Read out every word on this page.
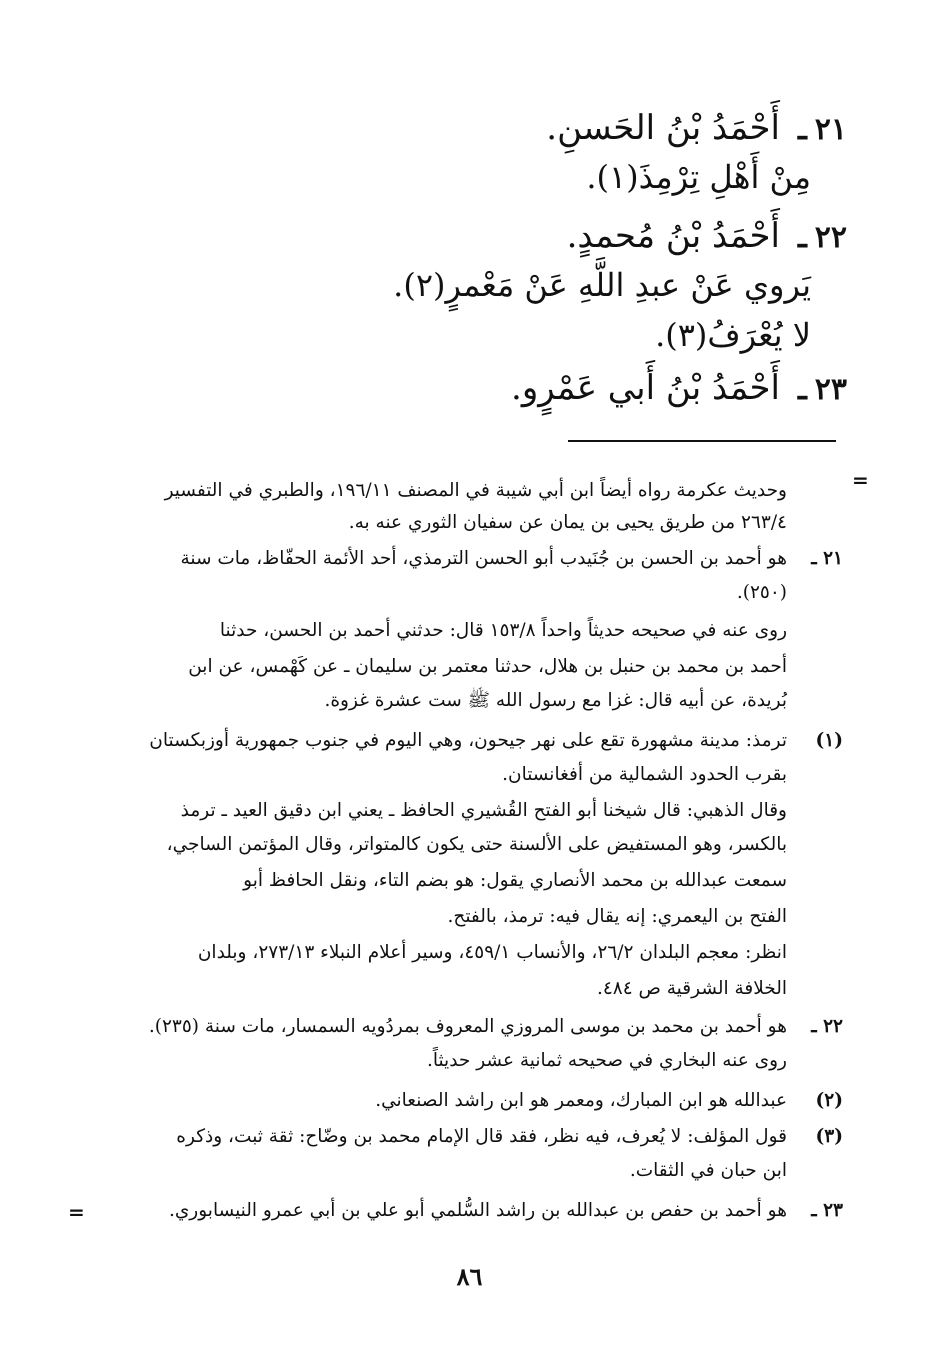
٢١ـأَحْمَدُ بْنُ الحَسنِ.
مِنْ أَهْلِ تِرْمِذَ(١).
٢٢ـأَحْمَدُ بْنُ مُحمدٍ.
يَروي عَنْ عبدِ اللَّهِ عَنْ مَعْمرٍ(٢).
لا يُعْرَفُ(٣).
٢٣ـأَحْمَدُ بْنُ أَبي عَمْرٍو.
=
وحديث عكرمة رواه أيضاً ابن أبي شيبة في المصنف ١٩٦/١١، والطبري في التفسير
٢٦٣/٤ من طريق يحيى بن يمان عن سفيان الثوري عنه به.
٢١ ـهو أحمد بن الحسن بن جُنَيدب أبو الحسن الترمذي، أحد الأئمة الحفّاظ، مات سنة
(٢٥٠).
روى عنه في صحيحه حديثاً واحداً ١٥٣/٨ قال: حدثني أحمد بن الحسن، حدثنا
أحمد بن محمد بن حنبل بن هلال، حدثنا معتمر بن سليمان ـ عن كَهْمس، عن ابن
بُريدة، عن أبيه قال: غزا مع رسول الله ﷺ ست عشرة غزوة.
(١)ترمذ: مدينة مشهورة تقع على نهر جيحون، وهي اليوم في جنوب جمهورية أوزبكستان
بقرب الحدود الشمالية من أفغانستان.
وقال الذهبي: قال شيخنا أبو الفتح القُشيري الحافظ ـ يعني ابن دقيق العيد ـ ترمذ
بالكسر، وهو المستفيض على الألسنة حتى يكون كالمتواتر، وقال المؤتمن الساجي،
سمعت عبدالله بن محمد الأنصاري يقول: هو بضم التاء، ونقل الحافظ أبو
الفتح بن اليعمري: إنه يقال فيه: ترمذ، بالفتح.
انظر: معجم البلدان ٢٦/٢، والأنساب ٤٥٩/١، وسير أعلام النبلاء ٢٧٣/١٣، وبلدان
الخلافة الشرقية ص ٤٨٤.
٢٢ ـهو أحمد بن محمد بن موسى المروزي المعروف بمردُويه السمسار، مات سنة (٢٣٥).
روى عنه البخاري في صحيحه ثمانية عشر حديثاً.
(٢)عبدالله هو ابن المبارك، ومعمر هو ابن راشد الصنعاني.
(٣)قول المؤلف: لا يُعرف، فيه نظر، فقد قال الإمام محمد بن وضّاح: ثقة ثبت، وذكره
ابن حبان في الثقات.
٢٣ ـهو أحمد بن حفص بن عبدالله بن راشد السُّلمي أبو علي بن أبي عمرو النيسابوري.
=
٨٦
